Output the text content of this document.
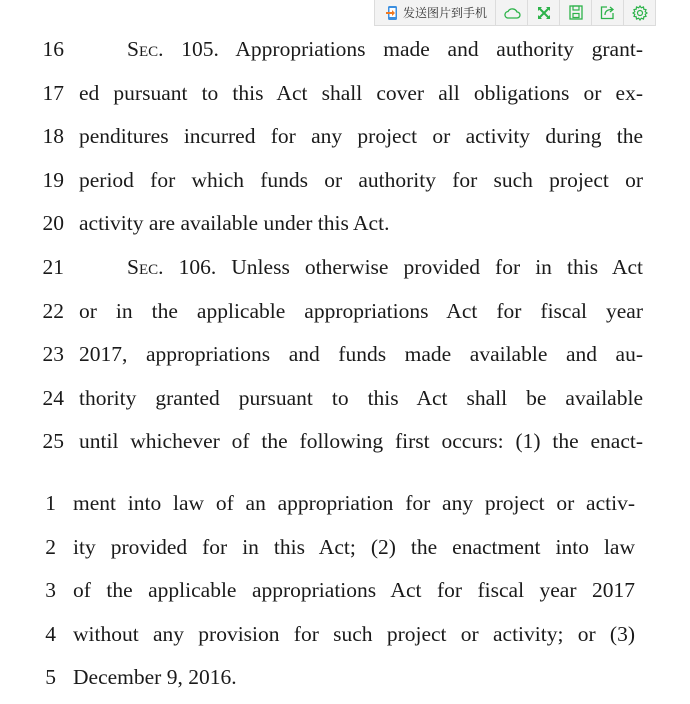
发送图片到手机
16	Sec. 105. Appropriations made and authority grant-
17 ed pursuant to this Act shall cover all obligations or ex-
18 penditures incurred for any project or activity during the
19 period for which funds or authority for such project or
20 activity are available under this Act.
21	Sec. 106. Unless otherwise provided for in this Act
22 or in the applicable appropriations Act for fiscal year
23 2017, appropriations and funds made available and au-
24 thority granted pursuant to this Act shall be available
25 until whichever of the following first occurs: (1) the enact-
1 ment into law of an appropriation for any project or activ-
2 ity provided for in this Act; (2) the enactment into law
3 of the applicable appropriations Act for fiscal year 2017
4 without any provision for such project or activity; or (3)
5 December 9, 2016.
